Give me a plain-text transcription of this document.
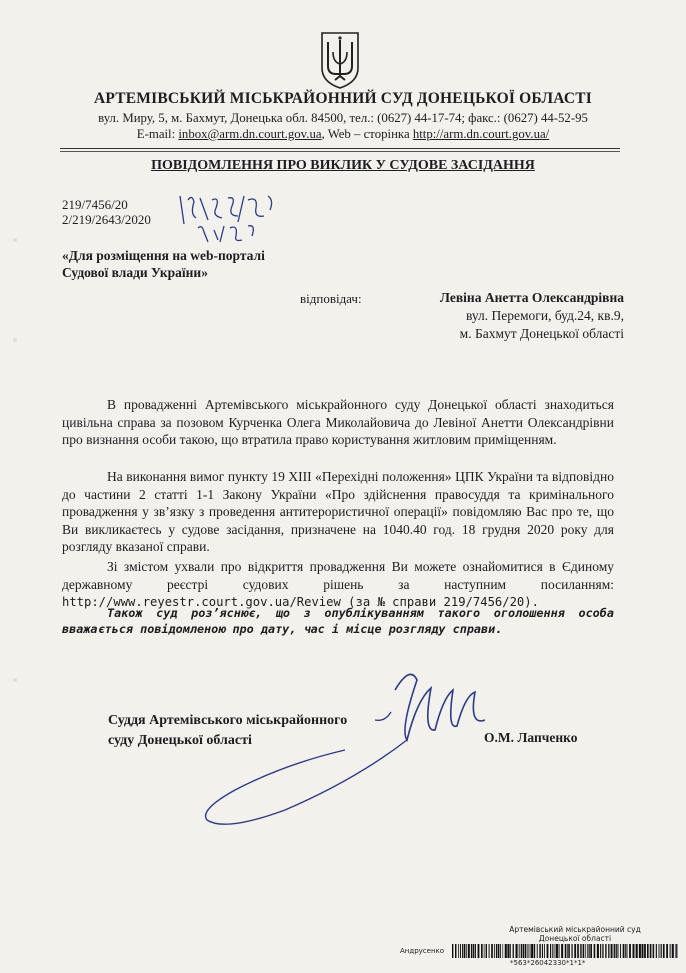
АРТЕМІВСЬКИЙ МІСЬКРАЙОННИЙ СУД ДОНЕЦЬКОЇ ОБЛАСТІ
вул. Миру, 5, м. Бахмут, Донецька обл. 84500, тел.: (0627) 44-17-74; факс.: (0627) 44-52-95
E-mail: inbox@arm.dn.court.gov.ua, Web – сторінка http://arm.dn.court.gov.ua/
ПОВІДОМЛЕННЯ ПРО ВИКЛИК У СУДОВЕ ЗАСІДАННЯ
219/7456/20
2/219/2643/2020
«Для розміщення на web-порталі
Судової влади України»
відповідач:	Левіна Анетта Олександрівна
вул. Перемоги, буд.24, кв.9,
м. Бахмут Донецької області
В провадженні Артемівського міськрайонного суду Донецької області знаходиться цивільна справа за позовом Курченка Олега Миколайовича до Левіної Анетти Олександрівни про визнання особи такою, що втратила право користування житловим приміщенням.
На виконання вимог пункту 19 ХІІІ «Перехідні положення» ЦПК України та відповідно до частини 2 статті 1-1 Закону України «Про здійснення правосуддя та кримінального провадження у зв’язку з проведення антитерористичної операції» повідомляю Вас про те, що Ви викликаєтесь у судове засідання, призначене на 1040.40 год. 18 грудня 2020 року для розгляду вказаної справи.
Зі змістом ухвали про відкриття провадження Ви можете ознайомитися в Єдиному державному реєстрі судових рішень за наступним посиланням: http://www.reyestr.court.gov.ua/Review (за № справи 219/7456/20).
Також суд роз’яснює, що з опублікуванням такого оголошення особа вважається повідомленою про дату, час і місце розгляду справи.
Суддя Артемівського міськрайонного
суду Донецької області	О.М. Лапченко
Артемівський міськрайонний суд
Донецької області
Андрусенко
*563*26042330*1*1*
